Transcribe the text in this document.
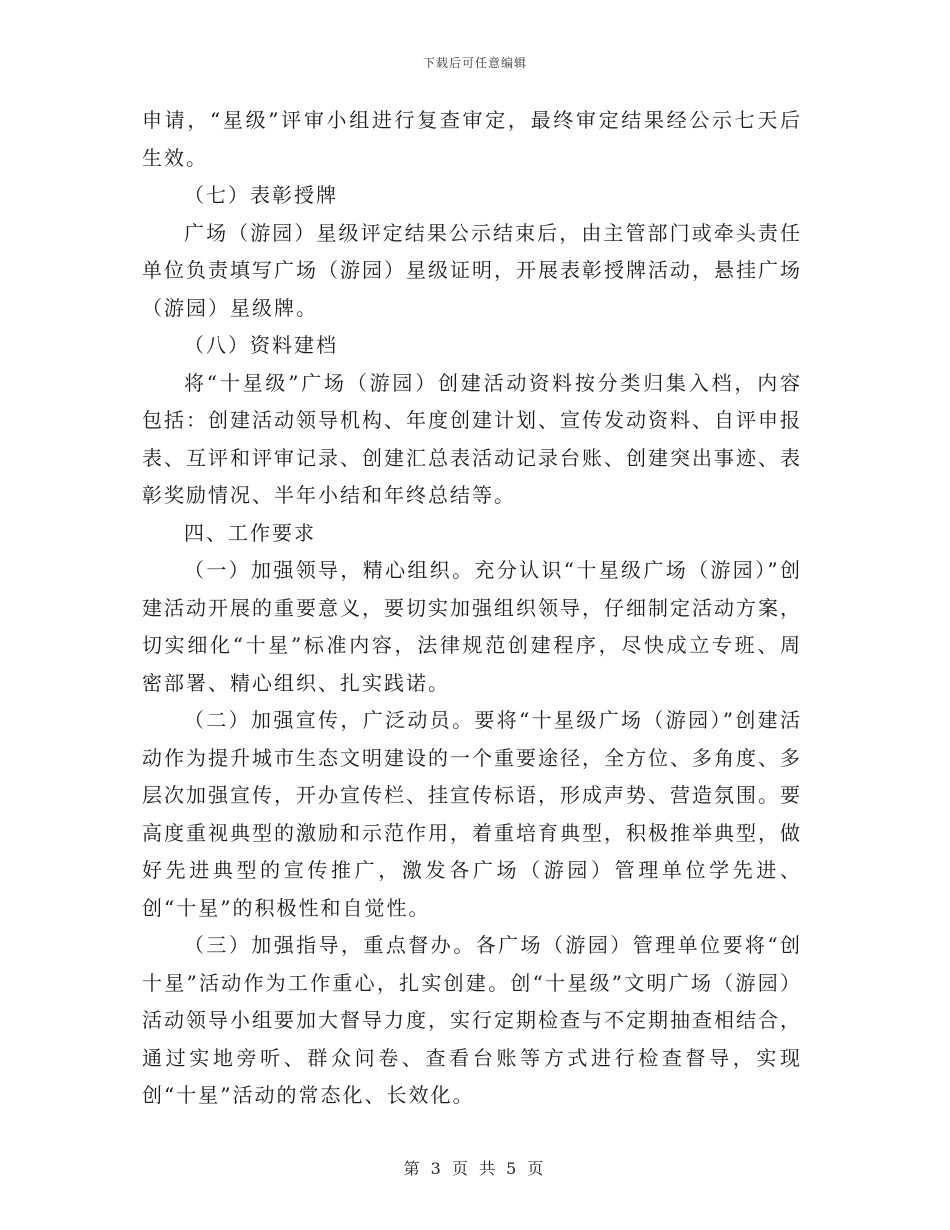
下载后可任意编辑

申请，“星级”评审小组进行复查审定，最终审定结果经公示七天后生效。

（七）表彰授牌

广场（游园）星级评定结果公示结束后，由主管部门或牵头责任单位负责填写广场（游园）星级证明，开展表彰授牌活动，悬挂广场（游园）星级牌。

（八）资料建档

将“十星级”广场（游园）创建活动资料按分类归集入档，内容包括：创建活动领导机构、年度创建计划、宣传发动资料、自评申报表、互评和评审记录、创建汇总表活动记录台账、创建突出事迹、表彰奖励情况、半年小结和年终总结等。

四、工作要求

（一）加强领导，精心组织。充分认识“十星级广场（游园）”创建活动开展的重要意义，要切实加强组织领导，仔细制定活动方案，切实细化“十星”标准内容，法律规范创建程序，尽快成立专班、周密部署、精心组织、扎实践诺。

（二）加强宣传，广泛动员。要将“十星级广场（游园）”创建活动作为提升城市生态文明建设的一个重要途径，全方位、多角度、多层次加强宣传，开办宣传栏、挂宣传标语，形成声势、营造氛围。要高度重视典型的激励和示范作用，着重培育典型，积极推举典型，做好先进典型的宣传推广，激发各广场（游园）管理单位学先进、创“十星”的积极性和自觉性。

（三）加强指导，重点督办。各广场（游园）管理单位要将“创十星”活动作为工作重心，扎实创建。创“十星级”文明广场（游园）活动领导小组要加大督导力度，实行定期检查与不定期抽查相结合，通过实地旁听、群众问卷、查看台账等方式进行检查督导，实现创“十星”活动的常态化、长效化。

第 3 页 共 5 页
